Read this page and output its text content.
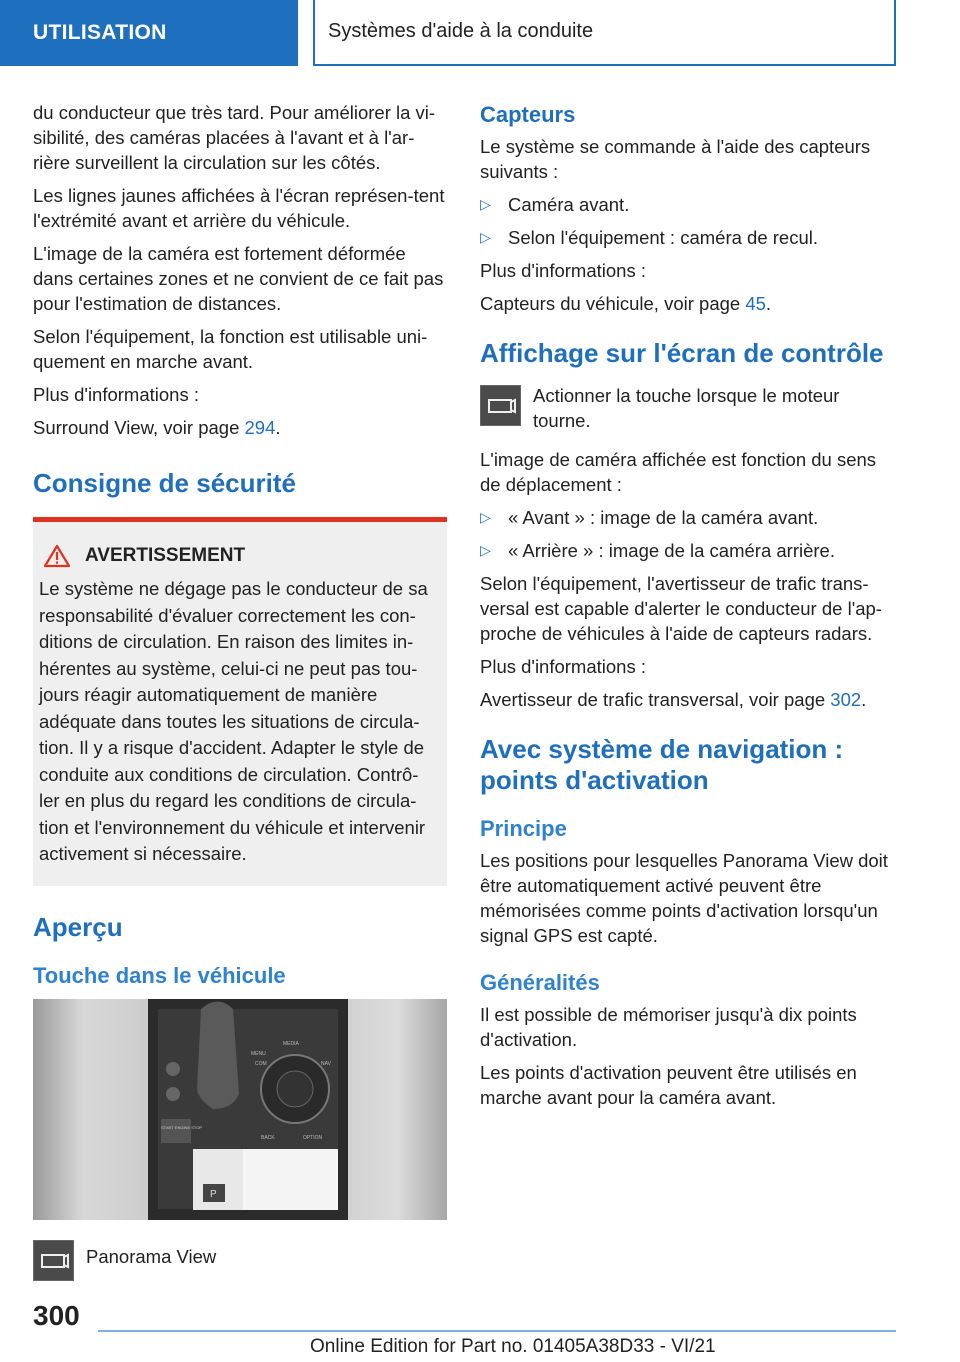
UTILISATION	Systèmes d'aide à la conduite

du conducteur que très tard. Pour améliorer la vi-sibilité, des caméras placées à l'avant et à l'ar-rière surveillent la circulation sur les côtés.

Les lignes jaunes affichées à l'écran représen-tent l'extrémité avant et arrière du véhicule.

L'image de la caméra est fortement déformée dans certaines zones et ne convient de ce fait pas pour l'estimation de distances.

Selon l'équipement, la fonction est utilisable uni-quement en marche avant.

Plus d'informations :

Surround View, voir page 294.

Consigne de sécurité
AVERTISSEMENT

Le système ne dégage pas le conducteur de sa responsabilité d'évaluer correctement les con-ditions de circulation. En raison des limites in-hérentes au système, celui-ci ne peut pas tou-jours réagir automatiquement de manière adéquate dans toutes les situations de circula-tion. Il y a risque d'accident. Adapter le style de conduite aux conditions de circulation. Contrô-ler en plus du regard les conditions de circula-tion et l'environnement du véhicule et intervenir activement si nécessaire.

Aperçu
Touche dans le véhicule
MENU
MEDIA
COM	NAV
BACK	OPTION
START ENGINE STOP
P
Panorama View
Capteurs

Le système se commande à l'aide des capteurs suivants :

▷ Caméra avant.
▷ Selon l'équipement : caméra de recul.

Plus d'informations :

Capteurs du véhicule, voir page 45.

Affichage sur l'écran de contrôle
Actionner la touche lorsque le moteur tourne.

L'image de caméra affichée est fonction du sens de déplacement :

▷ « Avant » : image de la caméra avant.
▷ « Arrière » : image de la caméra arrière.

Selon l'équipement, l'avertisseur de trafic trans-versal est capable d'alerter le conducteur de l'ap-proche de véhicules à l'aide de capteurs radars.

Plus d'informations :

Avertisseur de trafic transversal, voir page 302.

Avec système de navigation : points d'activation
Principe

Les positions pour lesquelles Panorama View doit être automatiquement activé peuvent être mémorisées comme points d'activation lorsqu'un signal GPS est capté.

Généralités

Il est possible de mémoriser jusqu'à dix points d'activation.

Les points d'activation peuvent être utilisés en marche avant pour la caméra avant.

300
Online Edition for Part no. 01405A38D33 - VI/21
